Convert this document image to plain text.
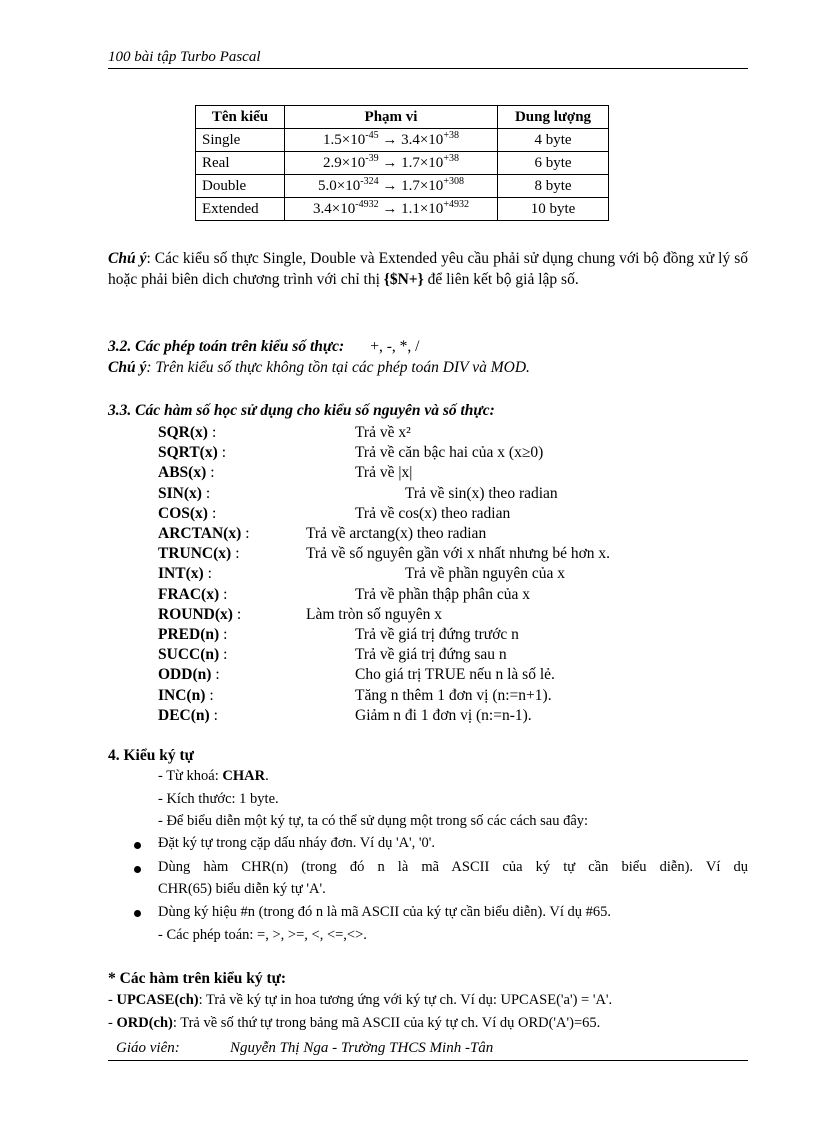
100 bài tập Turbo Pascal
Tên kiểu	Phạm vi	Dung lượng
Single	$1.5\times 10^{-45} \to 3.4\times 10^{+38}$	4 byte
Real	$2.9\times 10^{-39} \to 1.7\times 10^{+38}$	6 byte
Double	$5.0\times 10^{-324} \to 1.7\times 10^{+308}$	8 byte
Extended	$3.4\times 10^{-4932} \to 1.1\times 10^{+4932}$	10 byte
Chú ý: Các kiểu số thực Single, Double và Extended yêu cầu phải sử dụng chung với bộ đồng xử lý số hoặc phải biên dich chương trình với chỉ thị {$N+} để liên kết bộ giả lập số.
3.2. Các phép toán trên kiểu số thực: +, -, *, /
Chú ý: Trên kiểu số thực không tồn tại các phép toán DIV và MOD.
3.3. Các hàm số học sử dụng cho kiểu số nguyên và số thực:
SQR(x) :	Trả về x²
SQRT(x) :	Trả về căn bậc hai của x (x≥0)
ABS(x) :	Trả về |x|
SIN(x) :	Trả về sin(x) theo radian
COS(x) :	Trả về cos(x) theo radian
ARCTAN(x) :	Trả về arctang(x) theo radian
TRUNC(x) :	Trả về số nguyên gần với x nhất nhưng bé hơn x.
INT(x) :	Trả về phần nguyên của x
FRAC(x) :	Trả về phần thập phân của x
ROUND(x) :	Làm tròn số nguyên x
PRED(n) :	Trả về giá trị đứng trước n
SUCC(n) :	Trả về giá trị đứng sau n
ODD(n) :	Cho giá trị TRUE nếu n là số lẻ.
INC(n) :	Tăng n thêm 1 đơn vị (n:=n+1).
DEC(n) :	Giảm n đi 1 đơn vị (n:=n-1).
4. Kiểu ký tự
- Từ khoá: CHAR.
- Kích thước: 1 byte.
- Để biểu diễn một ký tự, ta có thể sử dụng một trong số các cách sau đây:
Đặt ký tự trong cặp dấu nháy đơn. Ví dụ 'A', '0'.
Dùng hàm CHR(n) (trong đó n là mã ASCII của ký tự cần biểu diễn). Ví dụ
CHR(65) biểu diễn ký tự 'A'.
Dùng ký hiệu #n (trong đó n là mã ASCII của ký tự cần biểu diễn). Ví dụ #65.
- Các phép toán: =, >, >=, <, <=,<>.
* Các hàm trên kiểu ký tự:
- UPCASE(ch): Trả về ký tự in hoa tương ứng với ký tự ch. Ví dụ: UPCASE('a') = 'A'.
- ORD(ch): Trả về số thứ tự trong bảng mã ASCII của ký tự ch. Ví dụ ORD('A')=65.
Giáo viên:	Nguyễn Thị Nga - Trường THCS Minh -Tân
